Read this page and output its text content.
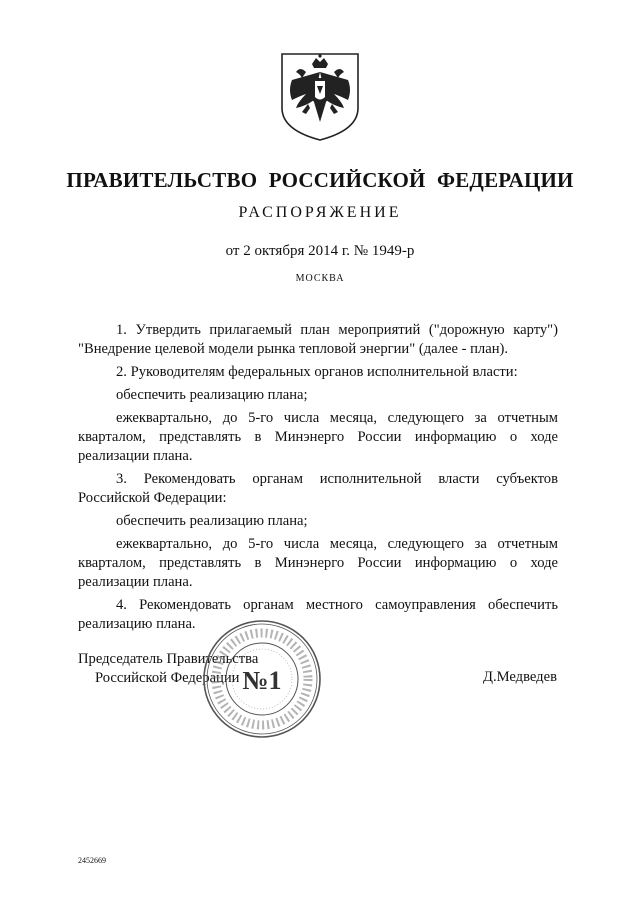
ПРАВИТЕЛЬСТВО РОССИЙСКОЙ ФЕДЕРАЦИИ
РАСПОРЯЖЕНИЕ
от 2 октября 2014 г. № 1949-р
МОСКВА

1. Утвердить прилагаемый план мероприятий ("дорожную карту") "Внедрение целевой модели рынка тепловой энергии" (далее - план).

2. Руководителям федеральных органов исполнительной власти:

обеспечить реализацию плана;

ежеквартально, до 5-го числа месяца, следующего за отчетным кварталом, представлять в Минэнерго России информацию о ходе реализации плана.

3. Рекомендовать органам исполнительной власти субъектов Российской Федерации:

обеспечить реализацию плана;

ежеквартально, до 5-го числа месяца, следующего за отчетным кварталом, представлять в Минэнерго России информацию о ходе реализации плана.

4. Рекомендовать органам местного самоуправления обеспечить реализацию плана.

Председатель Правительства
Российской Федерации	Д.Медведев
№1
2452669
